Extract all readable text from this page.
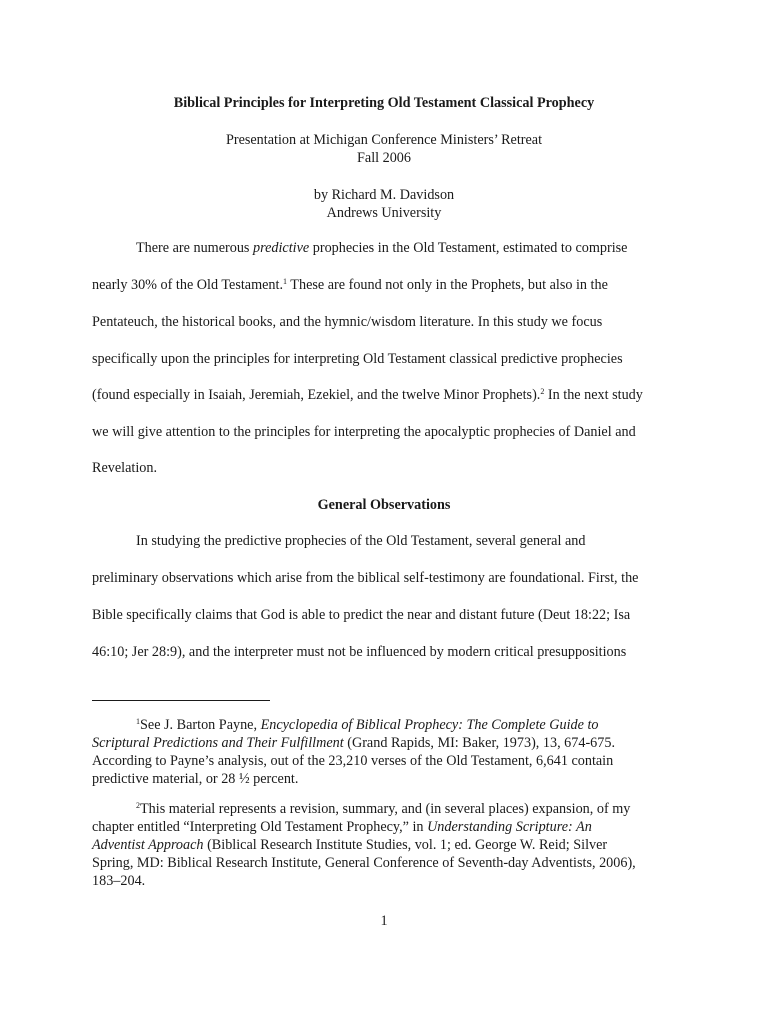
Biblical Principles for Interpreting Old Testament Classical Prophecy
Presentation at Michigan Conference Ministers’ Retreat
Fall 2006
by Richard M. Davidson
Andrews University
There are numerous predictive prophecies in the Old Testament, estimated to comprise
nearly 30% of the Old Testament.$^1$ These are found not only in the Prophets, but also in the
Pentateuch, the historical books, and the hymnic/wisdom literature. In this study we focus
specifically upon the principles for interpreting Old Testament classical predictive prophecies
(found especially in Isaiah, Jeremiah, Ezekiel, and the twelve Minor Prophets).$^2$ In the next study
we will give attention to the principles for interpreting the apocalyptic prophecies of Daniel and
Revelation.
General Observations
In studying the predictive prophecies of the Old Testament, several general and
preliminary observations which arise from the biblical self-testimony are foundational. First, the
Bible specifically claims that God is able to predict the near and distant future (Deut 18:22; Isa
46:10; Jer 28:9), and the interpreter must not be influenced by modern critical presuppositions
$^1$See J. Barton Payne, Encyclopedia of Biblical Prophecy: The Complete Guide to
Scriptural Predictions and Their Fulfillment (Grand Rapids, MI: Baker, 1973), 13, 674-675.
According to Payne’s analysis, out of the 23,210 verses of the Old Testament, 6,641 contain
predictive material, or 28 ½ percent.
$^2$This material represents a revision, summary, and (in several places) expansion, of my
chapter entitled “Interpreting Old Testament Prophecy,” in Understanding Scripture: An
Adventist Approach (Biblical Research Institute Studies, vol. 1; ed. George W. Reid; Silver
Spring, MD: Biblical Research Institute, General Conference of Seventh-day Adventists, 2006),
183–204.
1
